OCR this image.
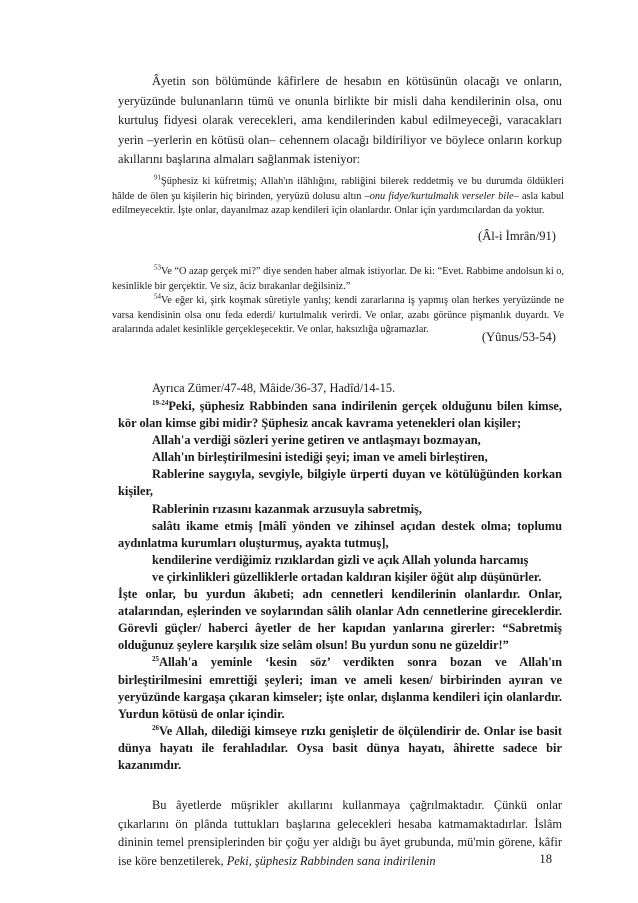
Âyetin son bölümünde kâfirlere de hesabın en kötüsünün olacağı ve onların, yeryüzünde bulunanların tümü ve onunla birlikte bir misli daha kendilerinin olsa, onu kurtuluş fidyesi olarak verecekleri, ama kendilerinden kabul edilmeyeceği, varacakları yerin –yerlerin en kötüsü olan– cehennem olacağı bildiriliyor ve böylece onların korkup akıllarını başlarına almaları sağlanmak isteniyor:

$^{91}$Şüphesiz ki küfretmiş; Allah'ın ilâhlığını, rabliğini bilerek reddetmiş ve bu durumda öldükleri hâlde de ölen şu kişilerin hiç birinden, yeryüzü dolusu altın –onu fidye/kurtulmalık verseler bile– asla kabul edilmeyecektir. İşte onlar, dayanılmaz azap kendileri için olanlardır. Onlar için yardımcılardan da yoktur.

(Âl-i İmrân/91)

$^{53}$Ve “O azap gerçek mi?” diye senden haber almak istiyorlar. De ki: “Evet. Rabbime andolsun ki o, kesinlikle bir gerçektir. Ve siz, âciz bırakanlar değilsiniz.”

$^{54}$Ve eğer ki, şirk koşmak sûretiyle yanlış; kendi zararlarına iş yapmış olan herkes yeryüzünde ne varsa kendisinin olsa onu feda ederdi/ kurtulmalık verirdi. Ve onlar, azabı görünce pişmanlık duyardı. Ve aralarında adalet kesinlikle gerçekleşecektir. Ve onlar, haksızlığa uğramazlar.

(Yûnus/53-54)
Ayrıca Zümer/47-48, Mâide/36-37, Hadîd/14-15.

$^{19-24}$Peki, şüphesiz Rabbinden sana indirilenin gerçek olduğunu bilen kimse, kör olan kimse gibi midir? Şüphesiz ancak kavrama yetenekleri olan kişiler;

Allah'a verdiği sözleri yerine getiren ve antlaşmayı bozmayan,

Allah'ın birleştirilmesini istediği şeyi; iman ve ameli birleştiren,

Rablerine saygıyla, sevgiyle, bilgiyle ürperti duyan ve kötülüğünden korkan kişiler,

Rablerinin rızasını kazanmak arzusuyla sabretmiş,

salâtı ikame etmiş [mâlî yönden ve zihinsel açıdan destek olma; toplumu aydınlatma kurumları oluşturmuş, ayakta tutmuş],

kendilerine verdiğimiz rızıklardan gizli ve açık Allah yolunda harcamış

ve çirkinlikleri güzelliklerle ortadan kaldıran kişiler öğüt alıp düşünürler.

İşte onlar, bu yurdun âkıbeti; adn cennetleri kendilerinin olanlardır. Onlar, atalarından, eşlerinden ve soylarından sâlih olanlar Adn cennetlerine gireceklerdir. Görevli güçler/ haberci âyetler de her kapıdan yanlarına girerler: “Sabretmiş olduğunuz şeylere karşılık size selâm olsun! Bu yurdun sonu ne güzeldir!”

$^{25}$Allah'a yeminle ‘kesin söz’ verdikten sonra bozan ve Allah'ın birleştirilmesini emrettiği şeyleri; iman ve ameli kesen/ birbirinden ayıran ve yeryüzünde kargaşa çıkaran kimseler; işte onlar, dışlanma kendileri için olanlardır. Yurdun kötüsü de onlar içindir.

$^{26}$Ve Allah, dilediği kimseye rızkı genişletir de ölçülendirir de. Onlar ise basit dünya hayatı ile ferahladılar. Oysa basit dünya hayatı, âhirette sadece bir kazanımdır.

Bu âyetlerde müşrikler akıllarını kullanmaya çağrılmaktadır. Çünkü onlar çıkarlarını ön plânda tuttukları başlarına gelecekleri hesaba katmamaktadırlar. İslâm dininin temel prensiplerinden bir çoğu yer aldığı bu âyet grubunda, mü'min görene, kâfir ise köre benzetilerek, Peki, şüphesiz Rabbinden sana indirilenin	18
